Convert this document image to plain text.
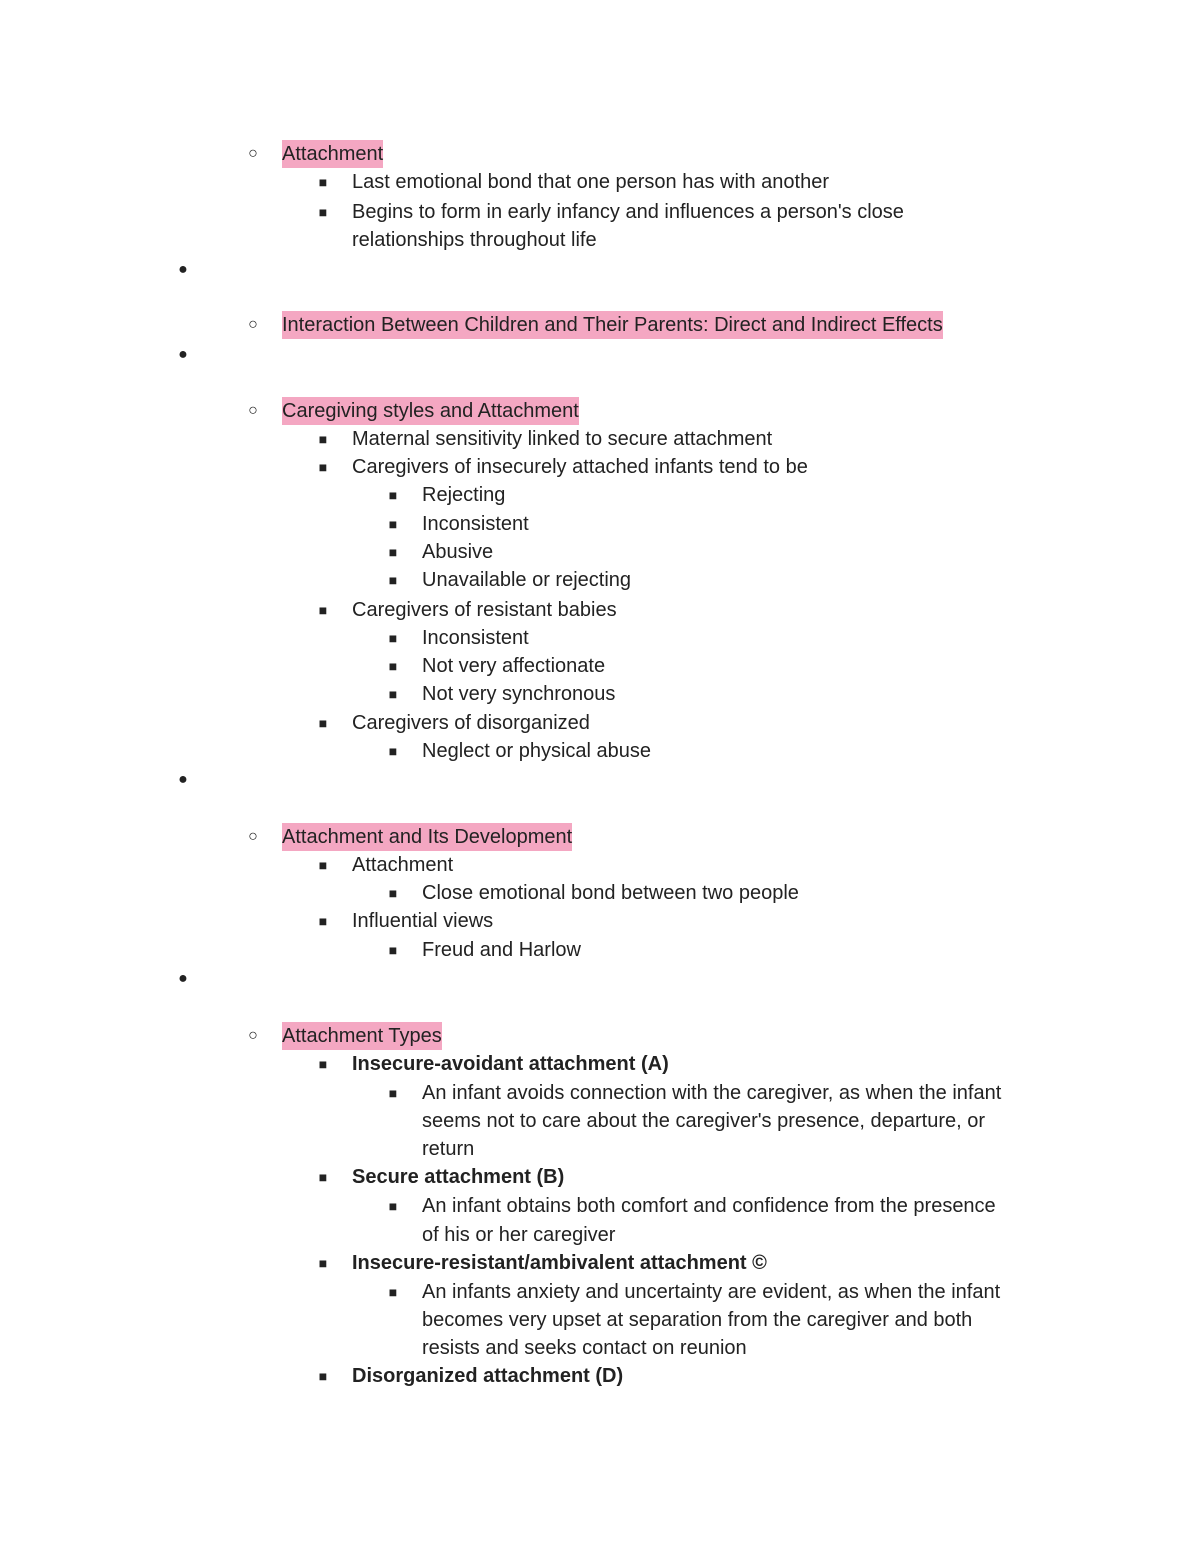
○ Attachment
■ Last emotional bond that one person has with another
■ Begins to form in early infancy and influences a person's close
relationships throughout life
●
○ Interaction Between Children and Their Parents: Direct and Indirect Effects
●
○ Caregiving styles and Attachment
■ Maternal sensitivity linked to secure attachment
■ Caregivers of insecurely attached infants tend to be
■ Rejecting
■ Inconsistent
■ Abusive
■ Unavailable or rejecting
■ Caregivers of resistant babies
■ Inconsistent
■ Not very affectionate
■ Not very synchronous
■ Caregivers of disorganized
■ Neglect or physical abuse
●
○ Attachment and Its Development
■ Attachment
■ Close emotional bond between two people
■ Influential views
■ Freud and Harlow
●
○ Attachment Types
■ Insecure-avoidant attachment (A)
■ An infant avoids connection with the caregiver, as when the infant
seems not to care about the caregiver's presence, departure, or
return
■ Secure attachment (B)
■ An infant obtains both comfort and confidence from the presence
of his or her caregiver
■ Insecure-resistant/ambivalent attachment ©
■ An infants anxiety and uncertainty are evident, as when the infant
becomes very upset at separation from the caregiver and both
resists and seeks contact on reunion
■ Disorganized attachment (D)
